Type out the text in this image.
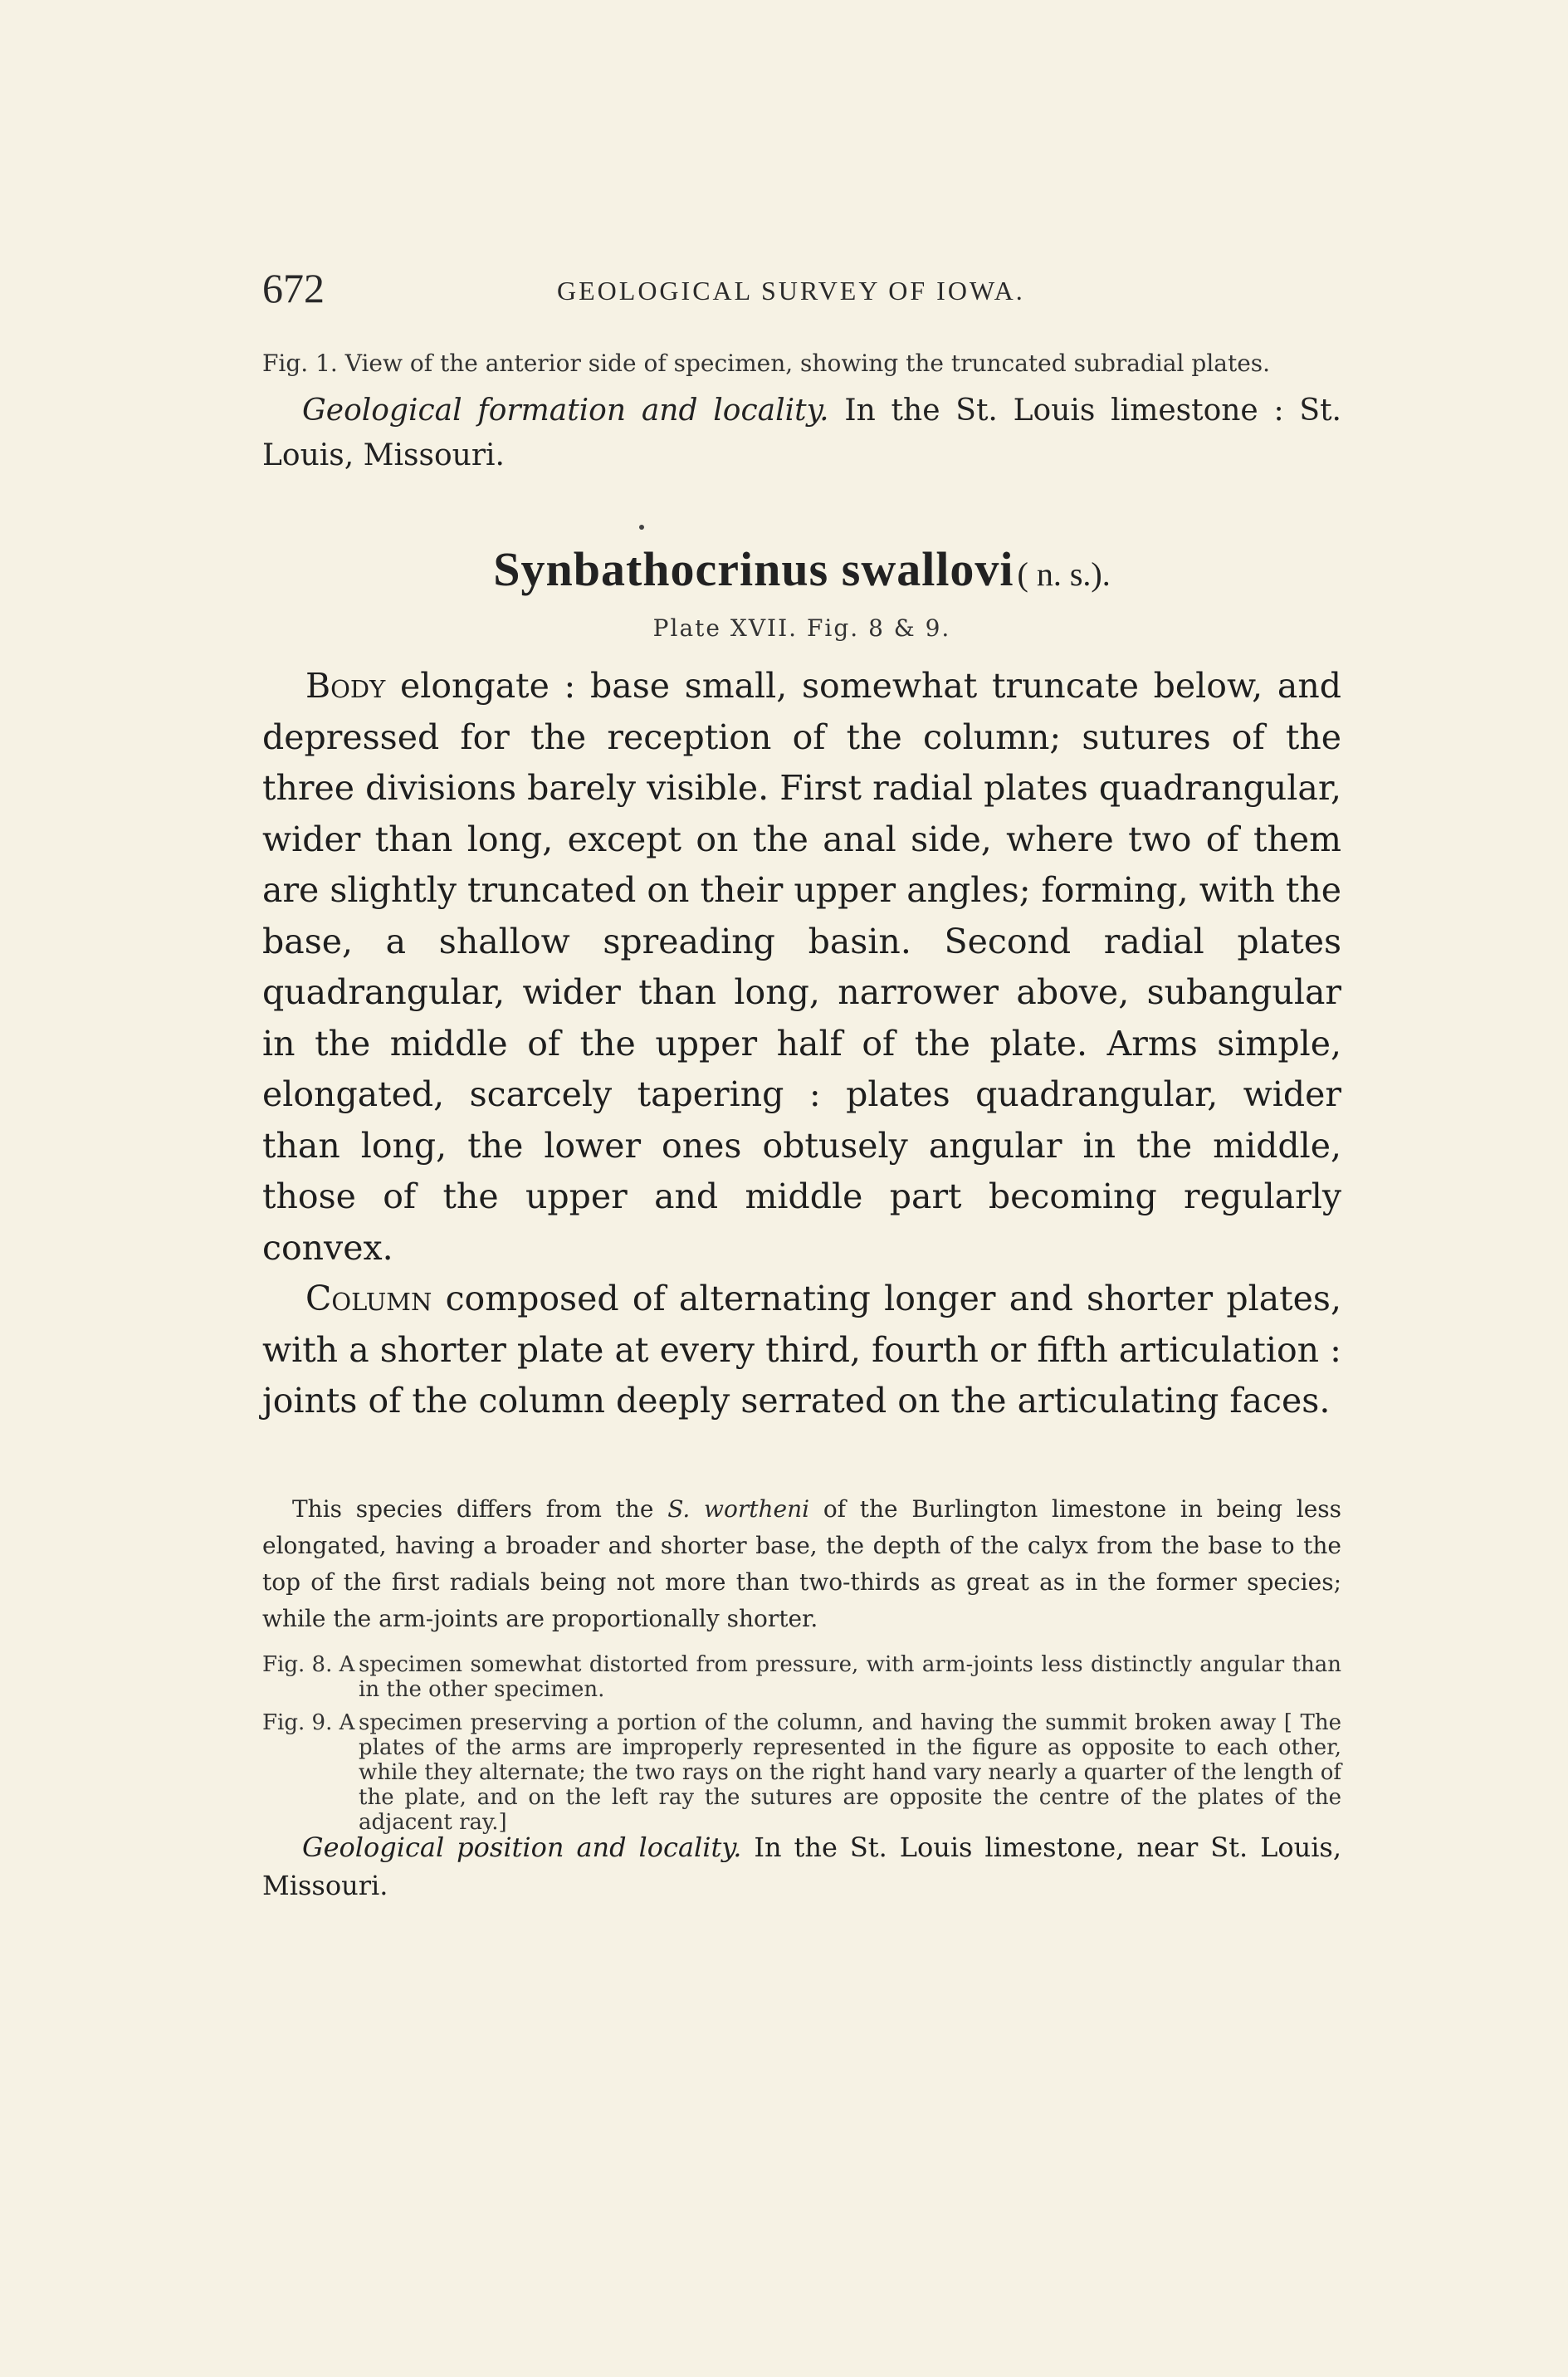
672	GEOLOGICAL SURVEY OF IOWA.
Fig. 1. View of the anterior side of specimen, showing the truncated subradial plates.
Geological formation and locality. In the St. Louis limestone : St. Louis, Missouri.
Synbathocrinus swallovi ( n. s.).
Plate XVII. Fig. 8 & 9.

Body elongate : base small, somewhat truncate below, and depressed for the reception of the column; sutures of the three divisions barely visible. First radial plates quadrangular, wider than long, except on the anal side, where two of them are slightly truncated on their upper angles; forming, with the base, a shallow spreading basin. Second radial plates quadrangular, wider than long, narrower above, subangular in the middle of the upper half of the plate. Arms simple, elongated, scarcely tapering : plates quadrangular, wider than long, the lower ones obtusely angular in the middle, those of the upper and middle part becoming regularly convex.

Column composed of alternating longer and shorter plates, with a shorter plate at every third, fourth or fifth articulation : joints of the column deeply serrated on the articulating faces.

This species differs from the S. wortheni of the Burlington limestone in being less elongated, having a broader and shorter base, the depth of the calyx from the base to the top of the first radials being not more than two-thirds as great as in the former species; while the arm-joints are proportionally shorter.

Fig. 8. A specimen somewhat distorted from pressure, with arm-joints less distinctly angular than in the other specimen.
Fig. 9. A specimen preserving a portion of the column, and having the summit broken away [ The plates of the arms are improperly represented in the figure as opposite to each other, while they alternate; the two rays on the right hand vary nearly a quarter of the length of the plate, and on the left ray the sutures are opposite the centre of the plates of the adjacent ray.]

Geological position and locality. In the St. Louis limestone, near St. Louis, Missouri.
